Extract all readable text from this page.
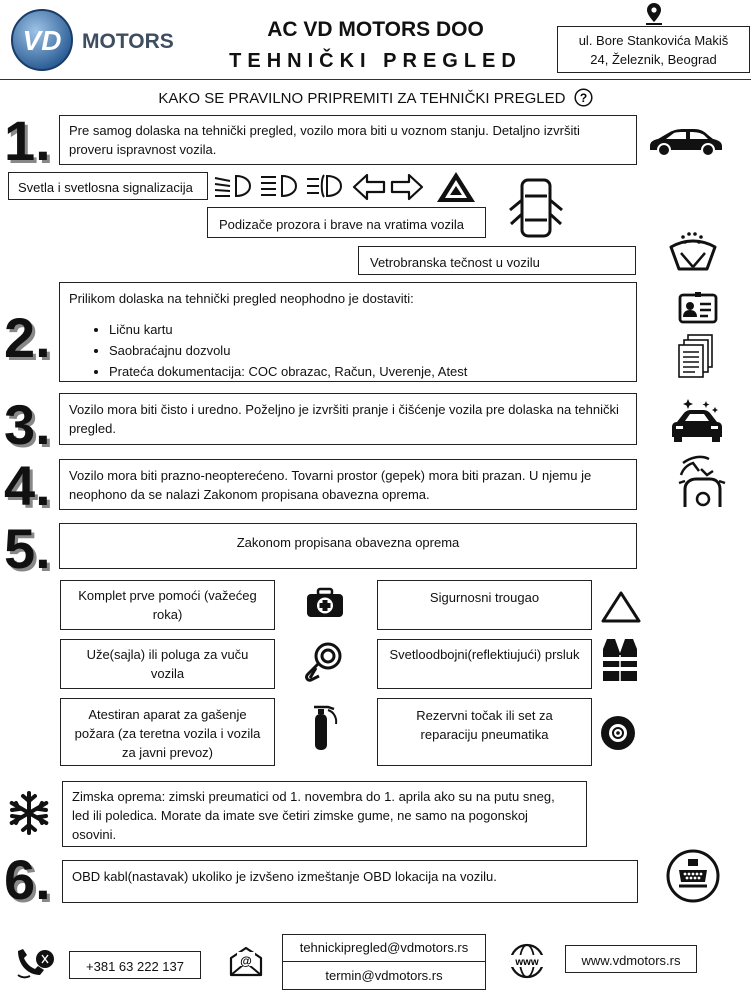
VD MOTORS
AC VD MOTORS DOO
TEHNIČKI PREGLED
ul. Bore Stankovića Makiš
24, Železnik, Beograd
KAKO SE PRAVILNO PRIPREMITI ZA TEHNIČKI PREGLED ?
1.	Pre samog dolaska na tehnički pregled, vozilo mora biti u voznom stanju. Detaljno izvršiti proveru ispravnost vozila.
Svetla i svetlosna signalizacija
Podizače prozora i brave na vratima vozila
Vetrobranska tečnost u vozilu
2.
Prilikom dolaska na tehnički pregled neophodno je dostaviti:
• Ličnu kartu
• Saobraćajnu dozvolu
• Prateća dokumentacija: COC obrazac, Račun, Uverenje, Atest
3.	Vozilo mora biti čisto i uredno. Poželjno je izvršiti pranje i čišćenje vozila pre dolaska na tehnički pregled.
4.	Vozilo mora biti prazno-neopterećeno. Tovarni prostor (gepek) mora biti prazan. U njemu je neophono da se nalazi Zakonom propisana obavezna oprema.
5.	Zakonom propisana obavezna oprema
Komplet prve pomoći (važećeg roka)
Sigurnosni trougao
Uže(sajla) ili poluga za vuču vozila
Svetloodbojni(reflektiujući) prsluk
Atestiran aparat za gašenje požara (za teretna vozila i vozila za javni prevoz)
Rezervni točak ili set za reparaciju pneumatika
Zimska oprema: zimski preumatici od 1. novembra do 1. aprila ako su na putu sneg, led ili poledica. Morate da imate sve četiri zimske gume, ne samo na pogonskoj osovini.
6.	OBD kabl(nastavak) ukoliko je izvšeno izmeštanje OBD lokacija na vozilu.
+381 63 222 137	@
tehnickipregled@vdmotors.rs
termin@vdmotors.rs
www	www.vdmotors.rs
